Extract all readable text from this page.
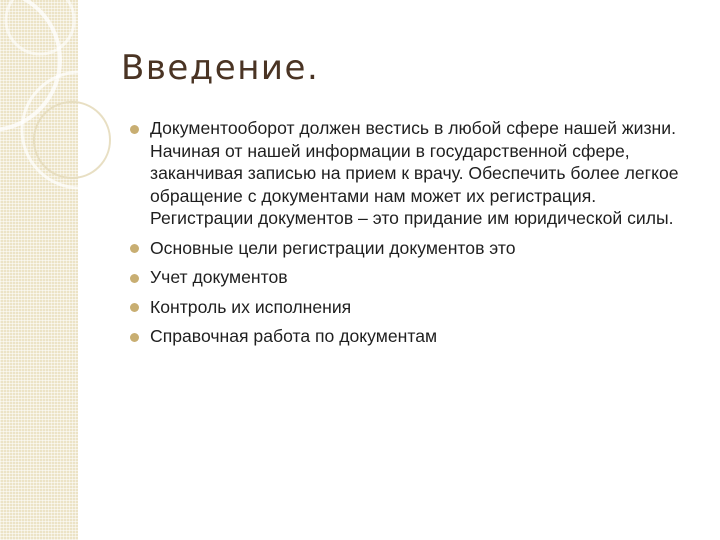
Введение.
Документооборот должен вестись в любой сфере нашей жизни. Начиная от нашей информации в государственной сфере, заканчивая записью на прием к врачу. Обеспечить более легкое обращение с документами нам может их регистрация. Регистрации документов – это придание им юридической силы.
Основные цели регистрации документов это
Учет документов
Контроль их исполнения
Справочная работа по документам
